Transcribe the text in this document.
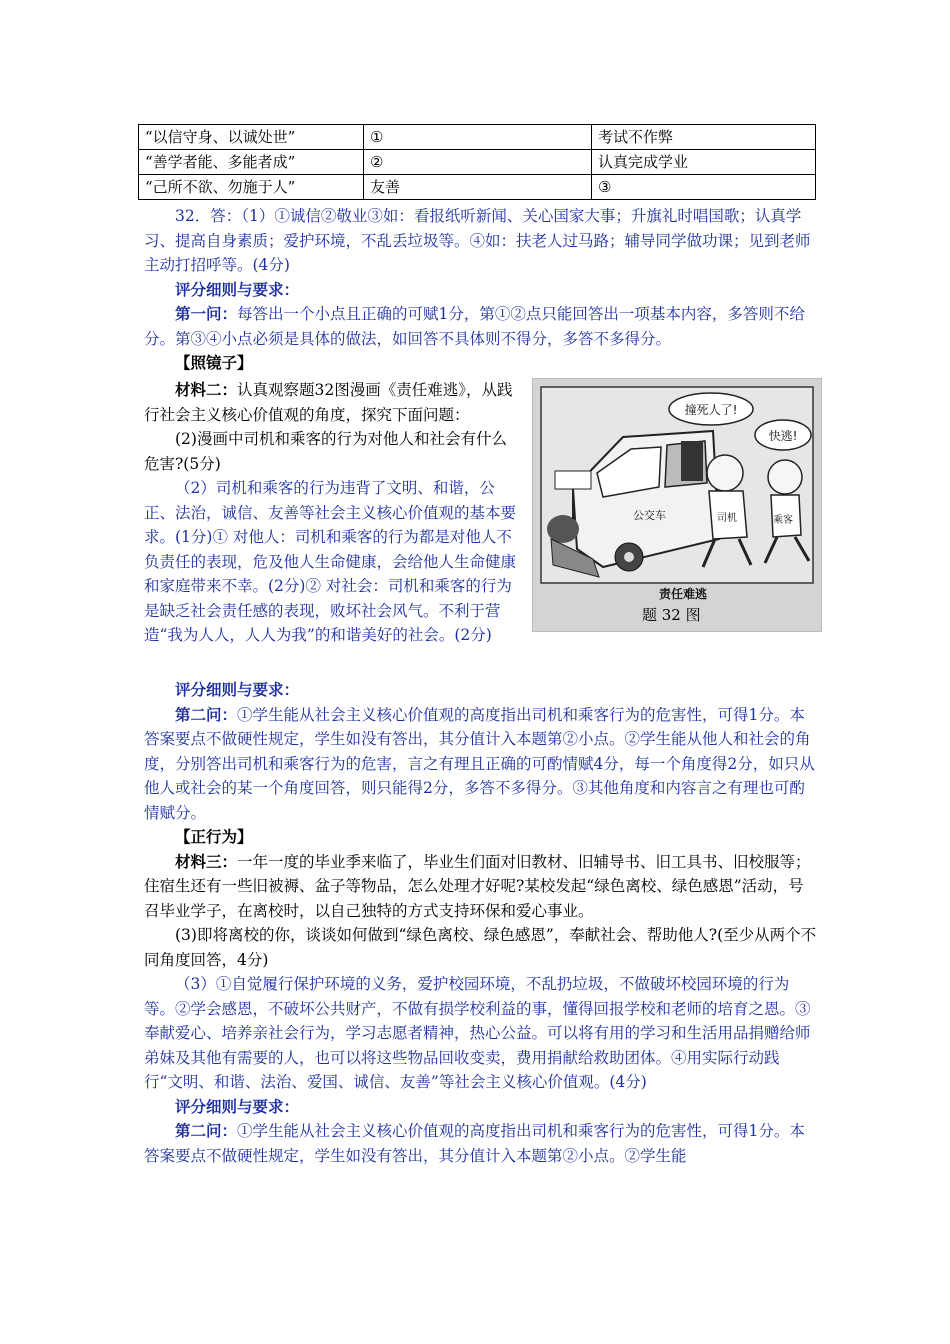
“以信守身、以诚处世”	①	考试不作弊
“善学者能、多能者成”	②	认真完成学业
“己所不欲、勿施于人”	友善	③

32．答：（1）①诚信②敬业③如：看报纸听新闻、关心国家大事；升旗礼时唱国歌；认真学习、提高自身素质；爱护环境，不乱丢垃圾等。④如：扶老人过马路；辅导同学做功课；见到老师主动打招呼等。(4分)

评分细则与要求：

第一问：每答出一个小点且正确的可赋1分，第①②点只能回答出一项基本内容，多答则不给分。第③④小点必须是具体的做法，如回答不具体则不得分，多答不多得分。

【照镜子】

材料二：认真观察题32图漫画《责任难逃》，从践行社会主义核心价值观的角度，探究下面问题：

(2)漫画中司机和乘客的行为对他人和社会有什么危害?(5分)

（2）司机和乘客的行为违背了文明、和谐，公正、法治，诚信、友善等社会主义核心价值观的基本要求。(1分)① 对他人：司机和乘客的行为都是对他人不负责任的表现，危及他人生命健康，会给他人生命健康和家庭带来不幸。(2分)② 对社会：司机和乘客的行为是缺乏社会责任感的表现，败坏社会风气。不利于营造“我为人人，人人为我”的和谐美好的社会。(2分)

撞死人了!
快逃!
公交车	司机	乘客
责任难逃
题 32 图

评分细则与要求：

第二问：①学生能从社会主义核心价值观的高度指出司机和乘客行为的危害性，可得1分。本答案要点不做硬性规定，学生如没有答出，其分值计入本题第②小点。②学生能从他人和社会的角度，分别答出司机和乘客行为的危害，言之有理且正确的可酌情赋4分，每一个角度得2分，如只从他人或社会的某一个角度回答，则只能得2分，多答不多得分。③其他角度和内容言之有理也可酌情赋分。

【正行为】

材料三：一年一度的毕业季来临了，毕业生们面对旧教材、旧辅导书、旧工具书、旧校服等；住宿生还有一些旧被褥、盆子等物品，怎么处理才好呢?某校发起“绿色离校、绿色感恩”活动，号召毕业学子，在离校时，以自己独特的方式支持环保和爱心事业。

(3)即将离校的你，谈谈如何做到“绿色离校、绿色感恩”，奉献社会、帮助他人?(至少从两个不同角度回答，4分)

（3）①自觉履行保护环境的义务，爱护校园环境，不乱扔垃圾，不做破坏校园环境的行为等。②学会感恩，不破坏公共财产，不做有损学校利益的事，懂得回报学校和老师的培育之恩。③奉献爱心、培养亲社会行为，学习志愿者精神，热心公益。可以将有用的学习和生活用品捐赠给师弟妹及其他有需要的人，也可以将这些物品回收变卖，费用捐献给救助团体。④用实际行动践行“文明、和谐、法治、爱国、诚信、友善”等社会主义核心价值观。(4分)

评分细则与要求：

第二问：①学生能从社会主义核心价值观的高度指出司机和乘客行为的危害性，可得1分。本答案要点不做硬性规定，学生如没有答出，其分值计入本题第②小点。②学生能
